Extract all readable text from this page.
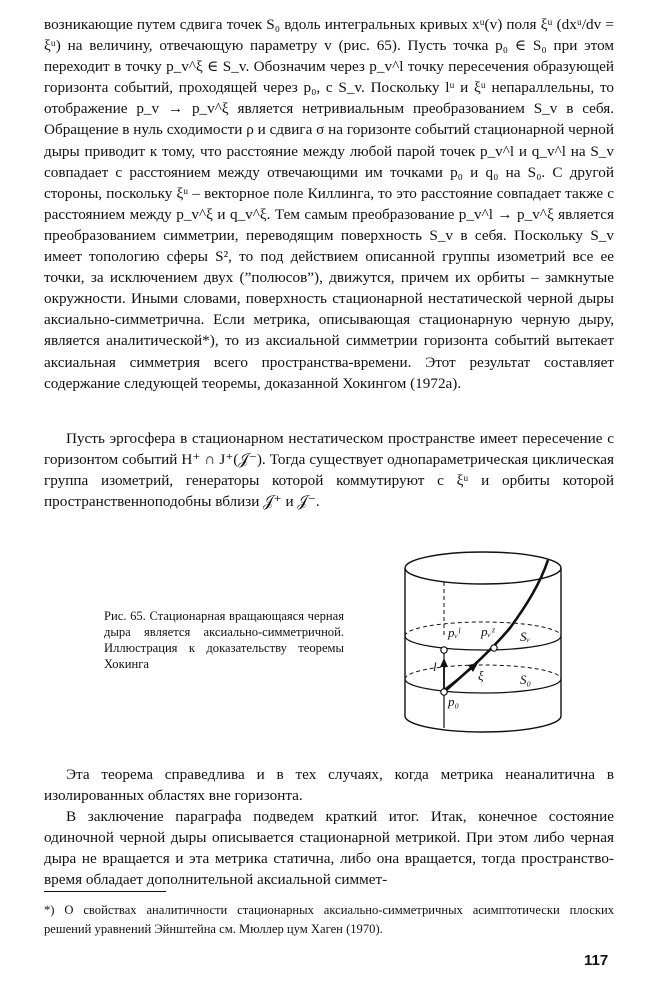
возникающие путем сдвига точек S₀ вдоль интегральных кривых xᵘ(v) поля ξᵘ (dxᵘ/dv = ξᵘ) на величину, отвечающую параметру v (рис. 65). Пусть точка p₀ ∈ S₀ при этом переходит в точку p_v^ξ ∈ S_v. Обозначим через p_v^l точку пересечения образующей горизонта событий, проходящей через p₀, с S_v. Поскольку lᵘ и ξᵘ непараллельны, то отображение p_v → p_v^ξ является нетривиальным преобразованием S_v в себя. Обращение в нуль сходимости ρ и сдвига σ на горизонте событий стационарной черной дыры приводит к тому, что расстояние между любой парой точек p_v^l и q_v^l на S_v совпадает с расстоянием между отвечающими им точками p₀ и q₀ на S₀. С другой стороны, поскольку ξᵘ – векторное поле Киллинга, то это расстояние совпадает также с расстоянием между p_v^ξ и q_v^ξ. Тем самым преобразование p_v^l → p_v^ξ является преобразованием симметрии, переводящим поверхность S_v в себя. Поскольку S_v имеет топологию сферы S², то под действием описанной группы изометрий все ее точки, за исключением двух (”полюсов”), движутся, причем их орбиты – замкнутые окружности. Иными словами, поверхность стационарной нестатической черной дыры аксиально-симметрична. Если метрика, описывающая стационарную черную дыру, является аналитической*), то из аксиальной симметрии горизонта событий вытекает аксиальная симметрия всего пространства-времени. Этот результат составляет содержание следующей теоремы, доказанной Хокингом (1972а).

Пусть эргосфера в стационарном нестатическом пространстве имеет пересечение с горизонтом событий H⁺ ∩ J⁺(𝒥⁻). Тогда существует однопараметрическая циклическая группа изометрий, генераторы которой коммутируют с ξᵘ и орбиты которой пространственноподобны вблизи 𝒥⁺ и 𝒥⁻.

Рис. 65. Стационарная вращающаяся черная дыра является аксиально-симметричной. Иллюстрация к доказательству теоремы Хокинга

pᵥˡ pᵥᶻ Sᵥ
S₀
l
ξ
p₀

Эта теорема справедлива и в тех случаях, когда метрика неаналитична в изолированных областях вне горизонта.

В заключение параграфа подведем краткий итог. Итак, конечное состояние одиночной черной дыры описывается стационарной метрикой. При этом либо черная дыра не вращается и эта метрика статична, либо она вращается, тогда пространство-время обладает дополнительной аксиальной симмет-

*) О свойствах аналитичности стационарных аксиально-симметричных асимптотически плоских решений уравнений Эйнштейна см. Мюллер цум Хаген (1970).

117
